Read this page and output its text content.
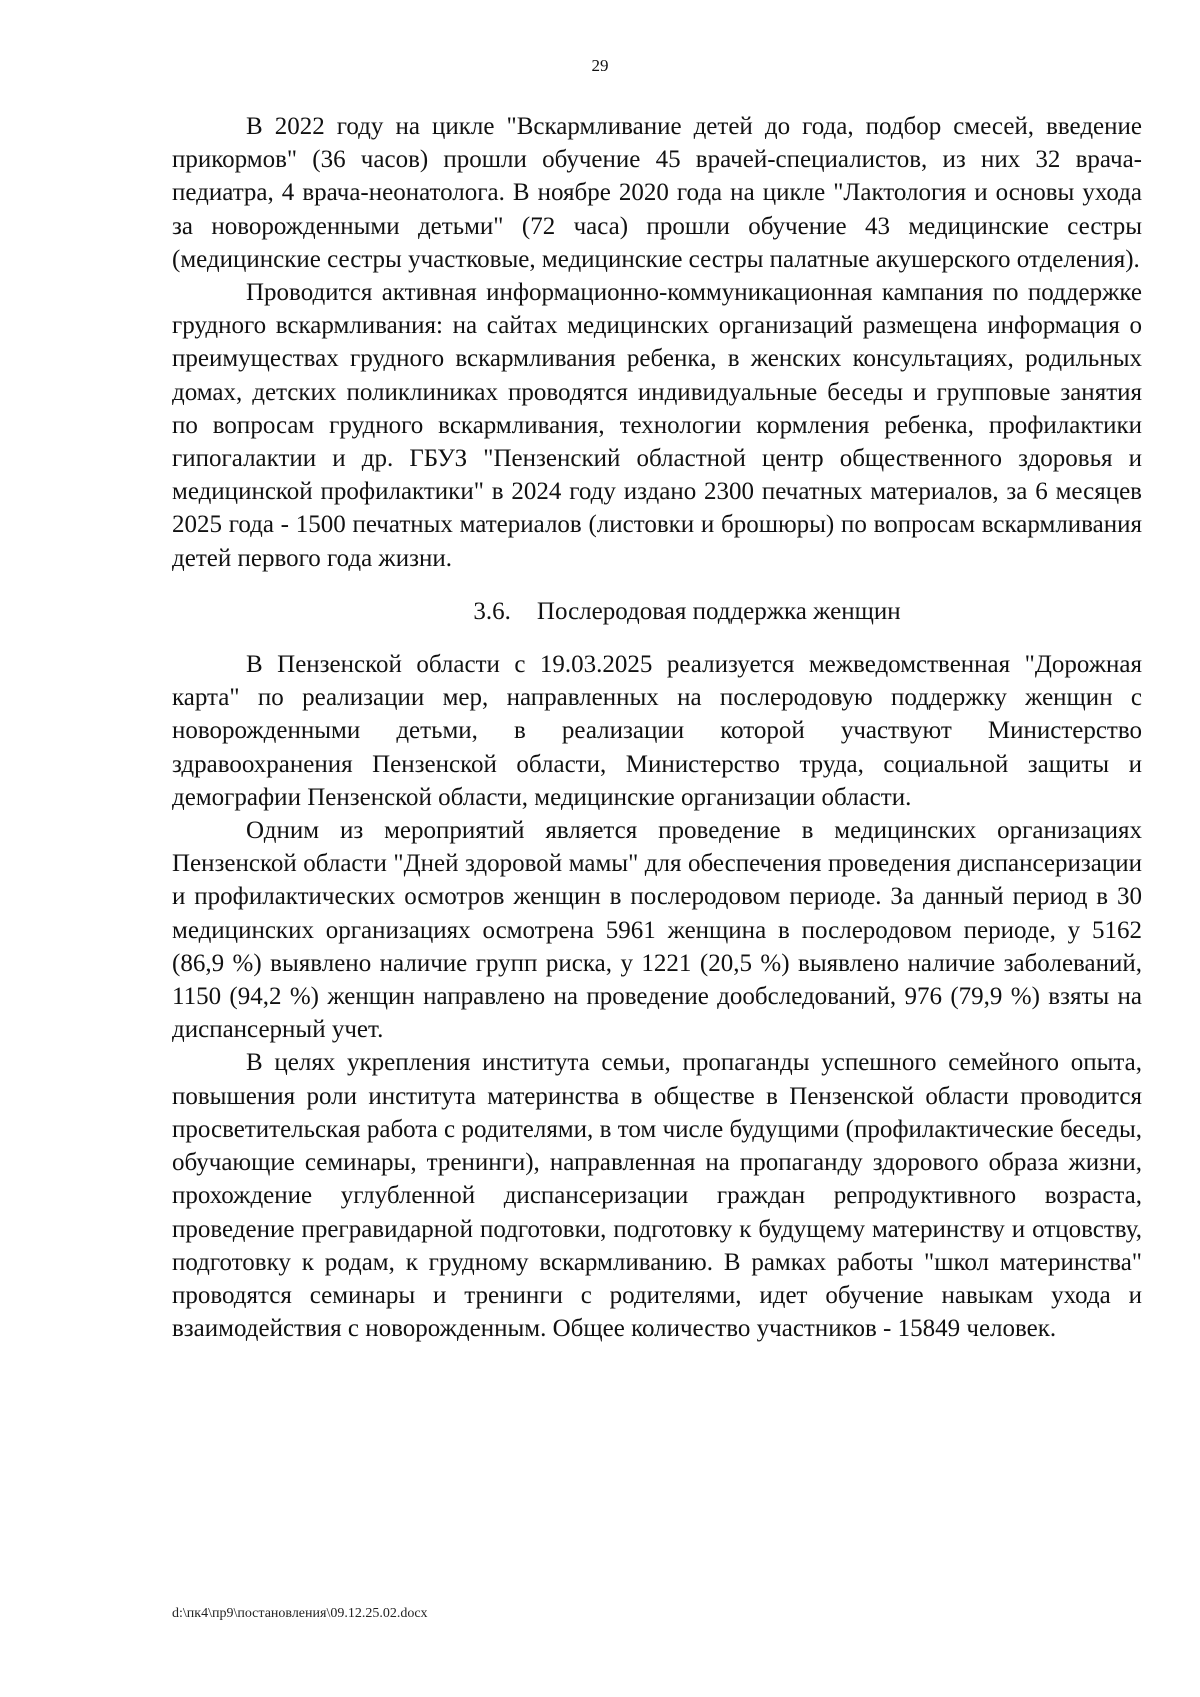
29

В 2022 году на цикле "Вскармливание детей до года, подбор смесей, введение прикормов" (36 часов) прошли обучение 45 врачей-специалистов, из них 32 врача-педиатра, 4 врача-неонатолога. В ноябре 2020 года на цикле "Лактология и основы ухода за новорожденными детьми" (72 часа) прошли обучение 43 медицинские сестры (медицинские сестры участковые, медицинские сестры палатные акушерского отделения).

Проводится активная информационно-коммуникационная кампания по поддержке грудного вскармливания: на сайтах медицинских организаций размещена информация о преимуществах грудного вскармливания ребенка, в женских консультациях, родильных домах, детских поликлиниках проводятся индивидуальные беседы и групповые занятия по вопросам грудного вскармливания, технологии кормления ребенка, профилактики гипогалактии и др. ГБУЗ "Пензенский областной центр общественного здоровья и медицинской профилактики" в 2024 году издано 2300 печатных материалов, за 6 месяцев 2025 года - 1500 печатных материалов (листовки и брошюры) по вопросам вскармливания детей первого года жизни.

3.6. Послеродовая поддержка женщин

В Пензенской области с 19.03.2025 реализуется межведомственная "Дорожная карта" по реализации мер, направленных на послеродовую поддержку женщин с новорожденными детьми, в реализации которой участвуют Министерство здравоохранения Пензенской области, Министерство труда, социальной защиты и демографии Пензенской области, медицинские организации области.

Одним из мероприятий является проведение в медицинских организациях Пензенской области "Дней здоровой мамы" для обеспечения проведения диспансеризации и профилактических осмотров женщин в послеродовом периоде. За данный период в 30 медицинских организациях осмотрена 5961 женщина в послеродовом периоде, у 5162 (86,9 %) выявлено наличие групп риска, у 1221 (20,5 %) выявлено наличие заболеваний, 1150 (94,2 %) женщин направлено на проведение дообследований, 976 (79,9 %) взяты на диспансерный учет.

В целях укрепления института семьи, пропаганды успешного семейного опыта, повышения роли института материнства в обществе в Пензенской области проводится просветительская работа с родителями, в том числе будущими (профилактические беседы, обучающие семинары, тренинги), направленная на пропаганду здорового образа жизни, прохождение углубленной диспансеризации граждан репродуктивного возраста, проведение прегравидарной подготовки, подготовку к будущему материнству и отцовству, подготовку к родам, к грудному вскармливанию. В рамках работы "школ материнства" проводятся семинары и тренинги с родителями, идет обучение навыкам ухода и взаимодействия с новорожденным. Общее количество участников - 15849 человек.

d:\пк4\пр9\постановления\09.12.25.02.docx
